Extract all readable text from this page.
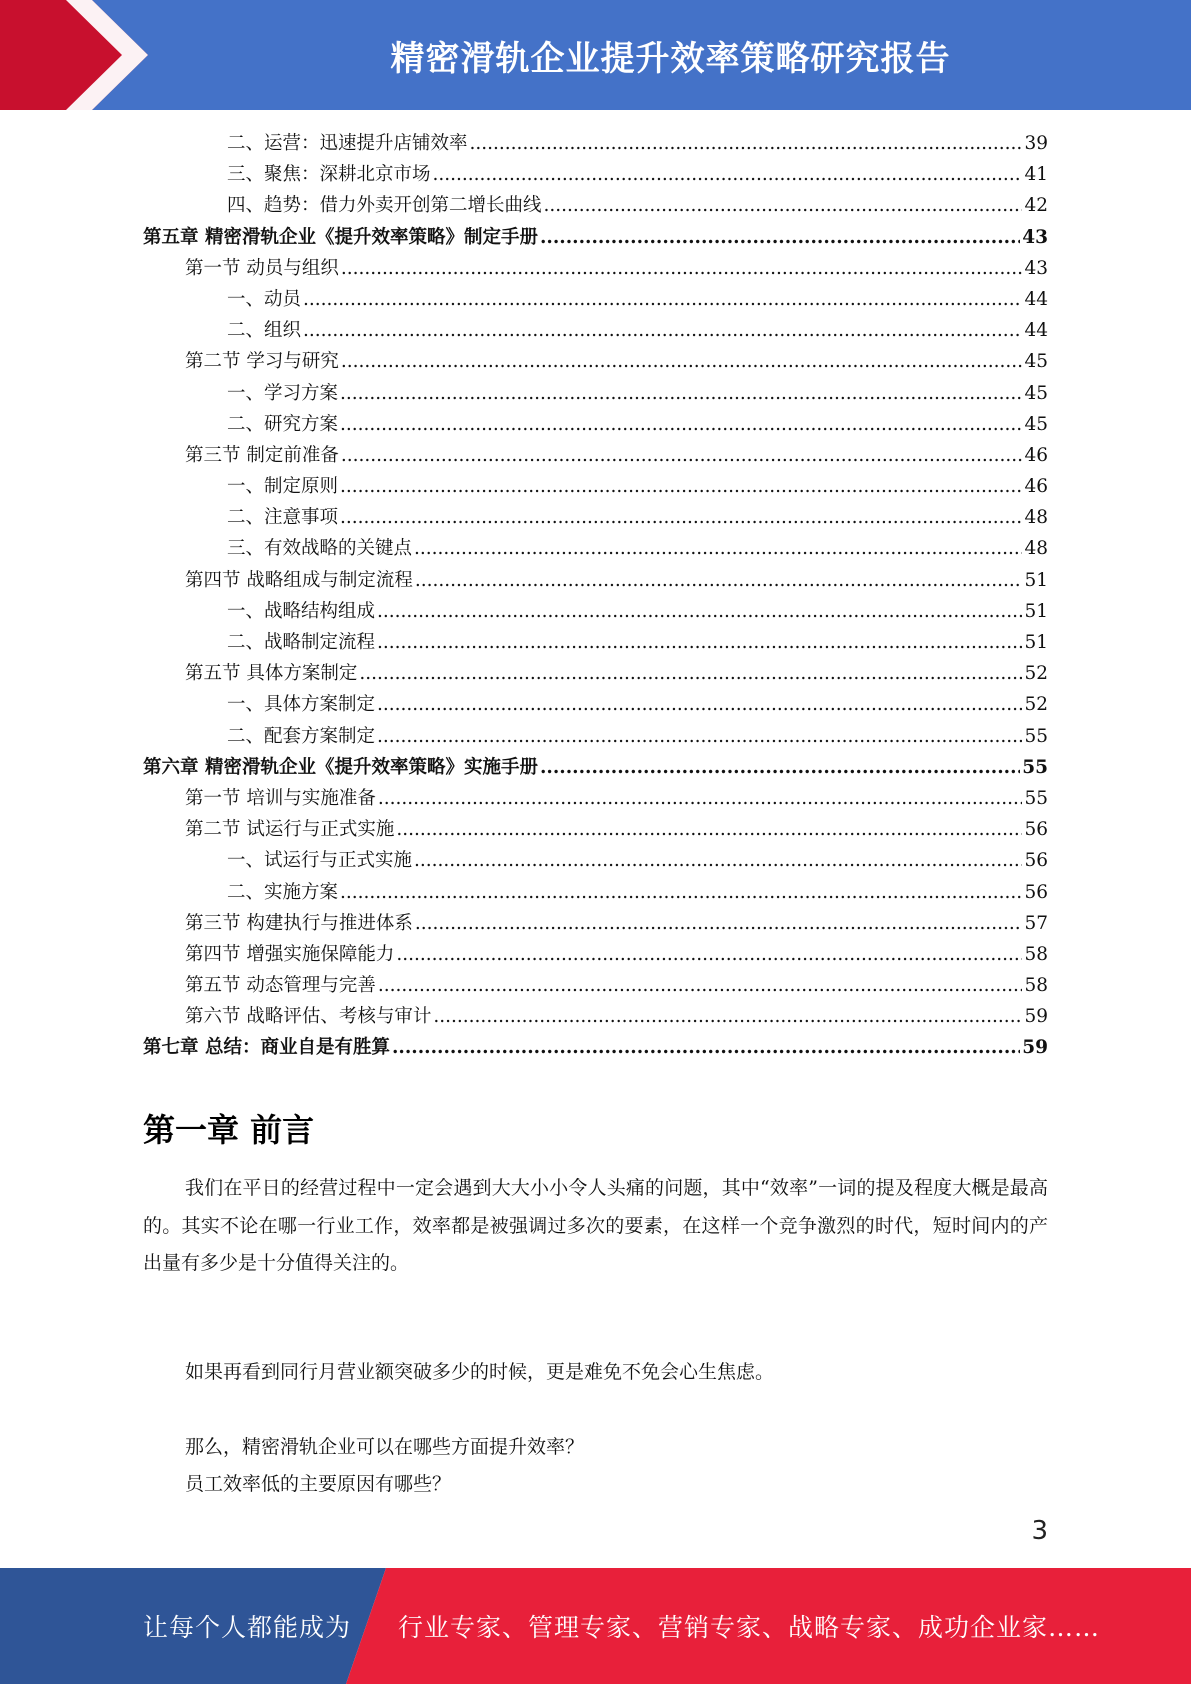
精密滑轨企业提升效率策略研究报告
二、运营：迅速提升店铺效率 .....	39
三、聚焦：深耕北京市场 .....	41
四、趋势：借力外卖开创第二增长曲线 .....	42
第五章 精密滑轨企业《提升效率策略》制定手册 .....	43
第一节 动员与组织 .....	43
一、动员 .....	44
二、组织 .....	44
第二节 学习与研究 .....	45
一、学习方案 .....	45
二、研究方案 .....	45
第三节 制定前准备 .....	46
一、制定原则 .....	46
二、注意事项 .....	48
三、有效战略的关键点 .....	48
第四节 战略组成与制定流程 .....	51
一、战略结构组成 .....	51
二、战略制定流程 .....	51
第五节 具体方案制定 .....	52
一、具体方案制定 .....	52
二、配套方案制定 .....	55
第六章 精密滑轨企业《提升效率策略》实施手册 .....	55
第一节 培训与实施准备 .....	55
第二节 试运行与正式实施 .....	56
一、试运行与正式实施 .....	56
二、实施方案 .....	56
第三节 构建执行与推进体系 .....	57
第四节 增强实施保障能力 .....	58
第五节 动态管理与完善 .....	58
第六节 战略评估、考核与审计 .....	59
第七章 总结：商业自是有胜算 .....	59
第一章 前言

我们在平日的经营过程中一定会遇到大大小小令人头痛的问题，其中“效率”一词的提及程度大概是最高的。其实不论在哪一行业工作，效率都是被强调过多次的要素，在这样一个竞争激烈的时代，短时间内的产出量有多少是十分值得关注的。

如果再看到同行月营业额突破多少的时候，更是难免不免会心生焦虑。

那么，精密滑轨企业可以在哪些方面提升效率？

员工效率低的主要原因有哪些？

3
让每个人都能成为 行业专家、管理专家、营销专家、战略专家、成功企业家……
